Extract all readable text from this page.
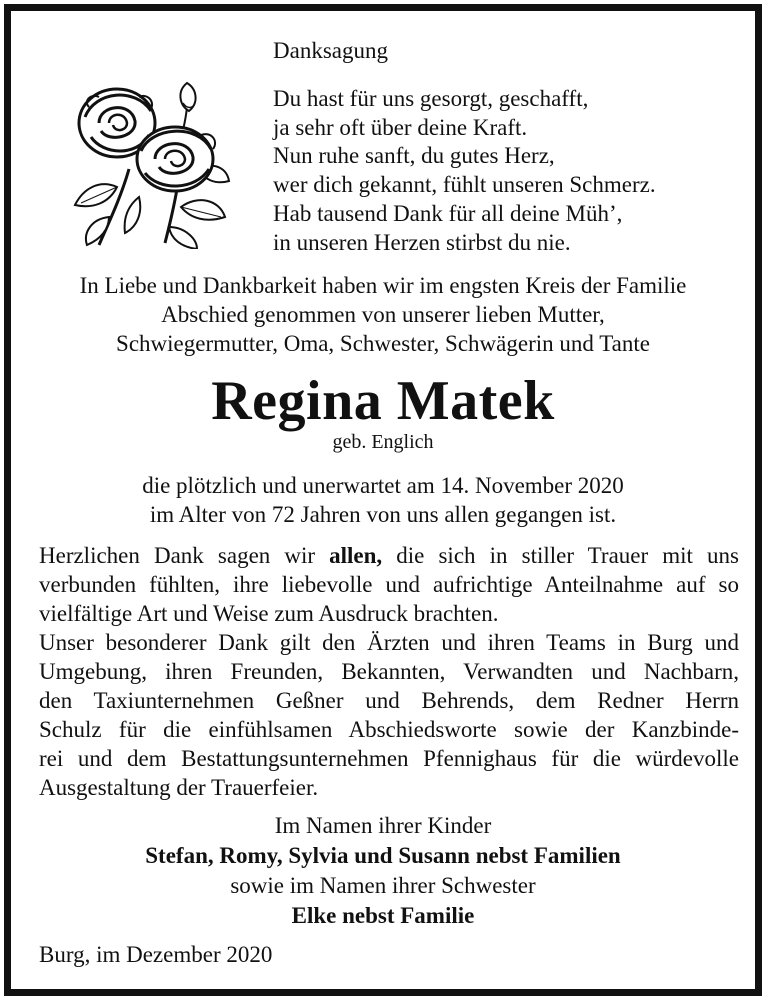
Danksagung
Du hast für uns gesorgt, geschafft,
ja sehr oft über deine Kraft.
Nun ruhe sanft, du gutes Herz,
wer dich gekannt, fühlt unseren Schmerz.
Hab tausend Dank für all deine Müh’,
in unseren Herzen stirbst du nie.
In Liebe und Dankbarkeit haben wir im engsten Kreis der Familie
Abschied genommen von unserer lieben Mutter,
Schwiegermutter, Oma, Schwester, Schwägerin und Tante
Regina Matek
geb. Englich
die plötzlich und unerwartet am 14. November 2020
im Alter von 72 Jahren von uns allen gegangen ist.
Herzlichen Dank sagen wir allen, die sich in stiller Trauer mit uns
verbunden fühlten, ihre liebevolle und aufrichtige Anteilnahme auf so
vielfältige Art und Weise zum Ausdruck brachten.
Unser besonderer Dank gilt den Ärzten und ihren Teams in Burg und
Umgebung, ihren Freunden, Bekannten, Verwandten und Nachbarn,
den Taxiunternehmen Geßner und Behrends, dem Redner Herrn
Schulz für die einfühlsamen Abschiedsworte sowie der Kanzbinde-
rei und dem Bestattungsunternehmen Pfennighaus für die würdevolle
Ausgestaltung der Trauerfeier.
Im Namen ihrer Kinder
Stefan, Romy, Sylvia und Susann nebst Familien
sowie im Namen ihrer Schwester
Elke nebst Familie
Burg, im Dezember 2020
